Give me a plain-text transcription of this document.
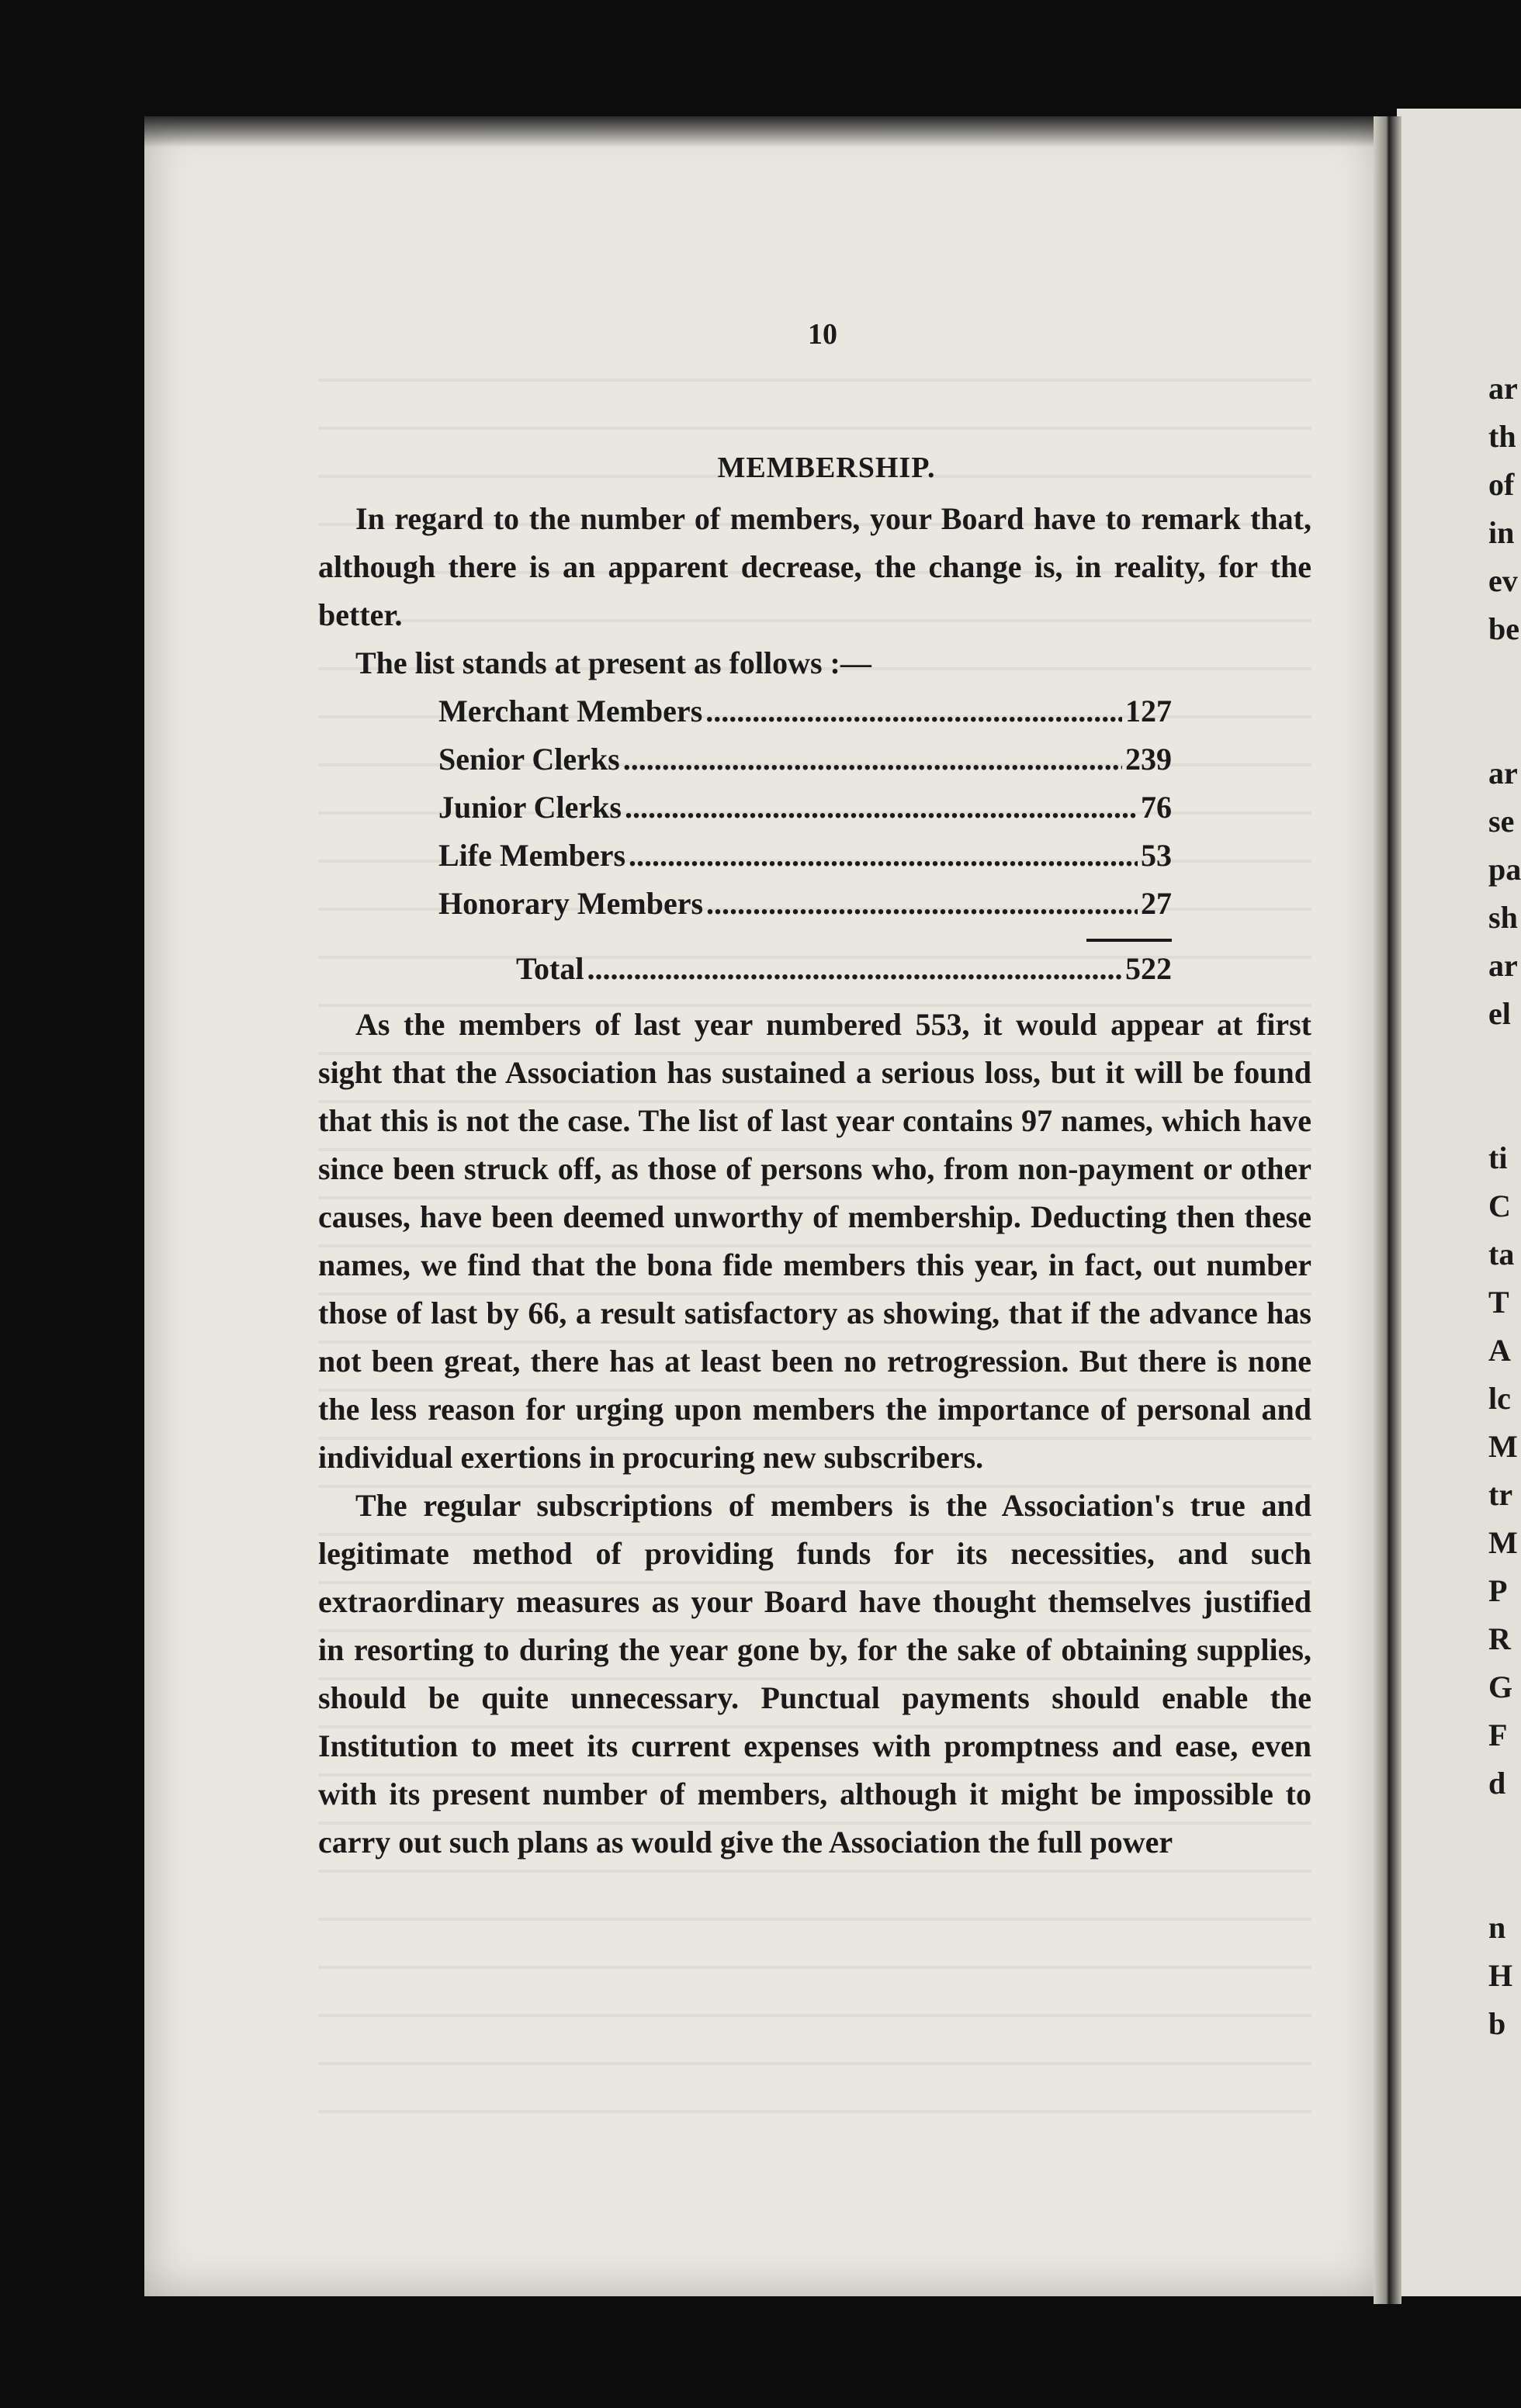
10
MEMBERSHIP.

In regard to the number of members, your Board have to remark that, although there is an apparent decrease, the change is, in reality, for the better.

The list stands at present as follows :—

Merchant Members .....	127
Senior Clerks .....	239
Junior Clerks .....	76
Life Members .....	53
Honorary Members .....	27
Total .....	522

As the members of last year numbered 553, it would appear at first sight that the Association has sustained a serious loss, but it will be found that this is not the case. The list of last year contains 97 names, which have since been struck off, as those of persons who, from non-payment or other causes, have been deemed unworthy of membership. Deducting then these names, we find that the bona fide members this year, in fact, out number those of last by 66, a result satisfactory as showing, that if the advance has not been great, there has at least been no retrogression. But there is none the less reason for urging upon members the importance of personal and individual exertions in procuring new subscribers.

The regular subscriptions of members is the Association's true and legitimate method of providing funds for its necessities, and such extraordinary measures as your Board have thought themselves justified in resorting to during the year gone by, for the sake of obtaining supplies, should be quite unnecessary. Punctual payments should enable the Institution to meet its current expenses with promptness and ease, even with its present number of members, although it might be impossible to carry out such plans as would give the Association the full power

ar
th
of
in
ev
be

ar
se
pa
sh
ar
el

ti
C
ta
T
A
lc
M
tr
M
P
R
G
F
d

n
H
b
